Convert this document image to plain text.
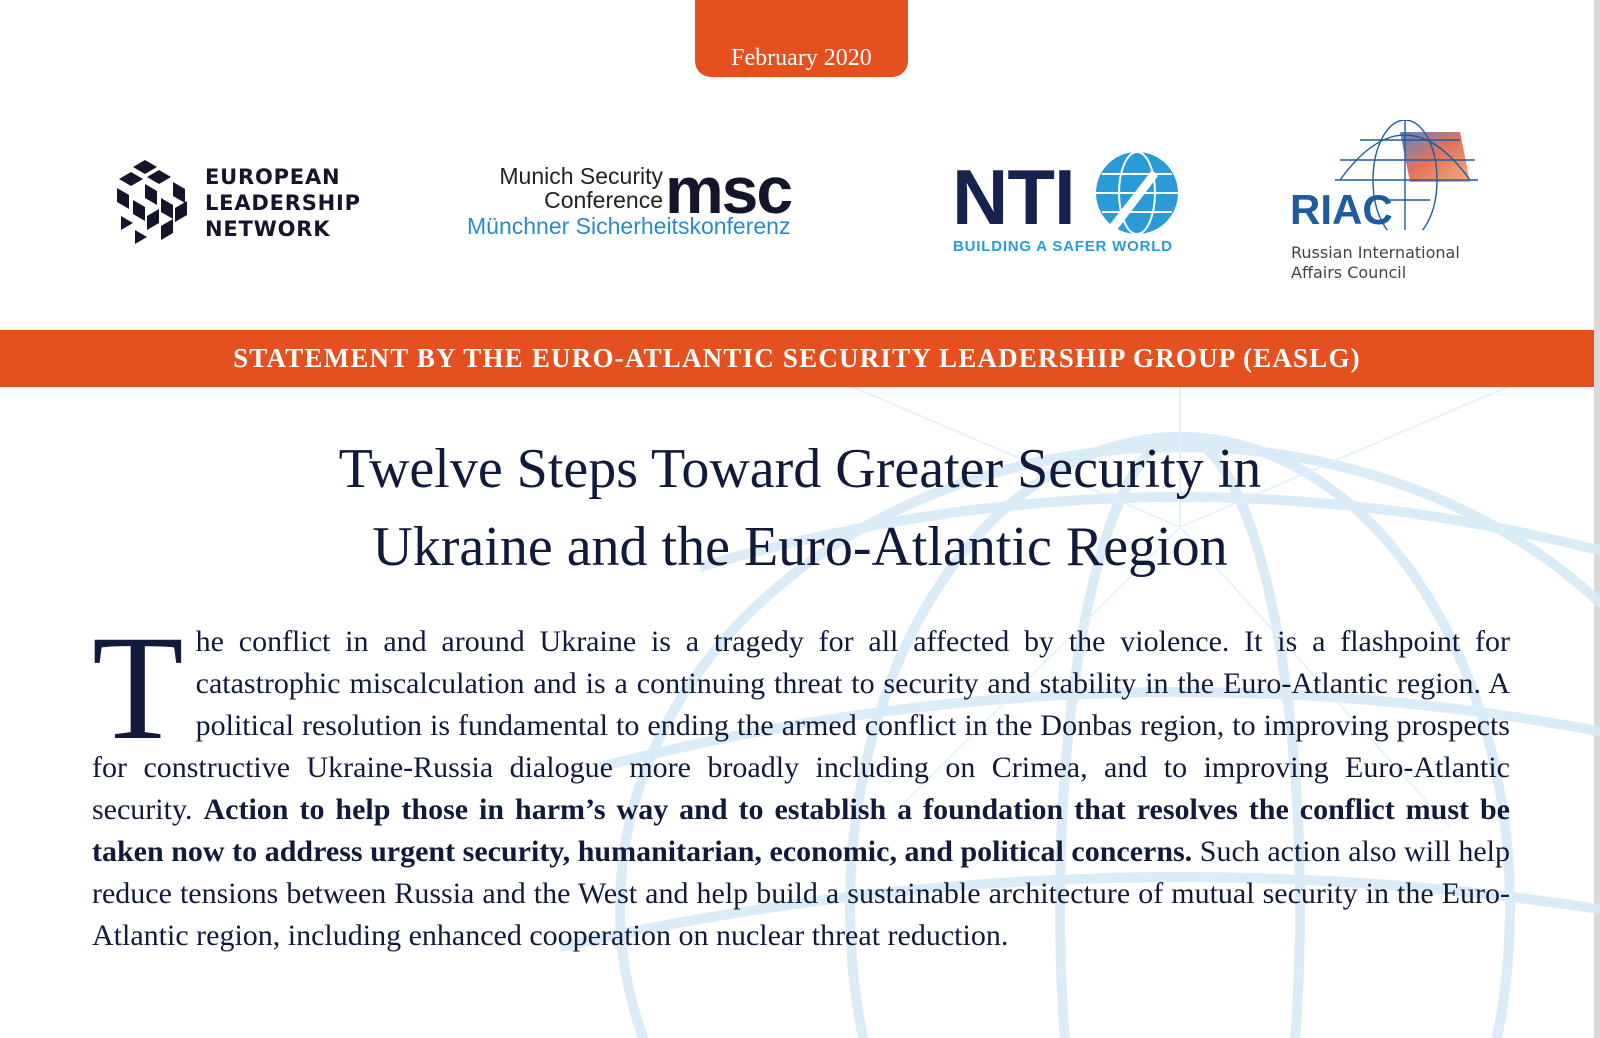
February 2020
EUROPEAN
LEADERSHIP
NETWORK
Munich Security
Conference msc
Münchner Sicherheitskonferenz NTI
BUILDING A SAFER WORLD
RIAC
Russian International
Affairs Council
STATEMENT BY THE EURO-ATLANTIC SECURITY LEADERSHIP GROUP (EASLG)
Twelve Steps Toward Greater Security in
Ukraine and the Euro-Atlantic Region
T he conflict in and around Ukraine is a tragedy for all affected by the violence. It is a flashpoint for catastrophic miscalculation and is a continuing threat to security and stability in the Euro-Atlantic region. A political resolution is fundamental to ending the armed conflict in the Donbas region, to improving prospects for constructive Ukraine-Russia dialogue more broadly including on Crimea, and to improving Euro-Atlantic security. Action to help those in harm’s way and to establish a foundation that resolves the conflict must be taken now to address urgent security, humanitarian, economic, and political concerns. Such action also will help reduce tensions between Russia and the West and help build a sustainable architecture of mutual security in the Euro-Atlantic region, including enhanced cooperation on nuclear threat reduction.
